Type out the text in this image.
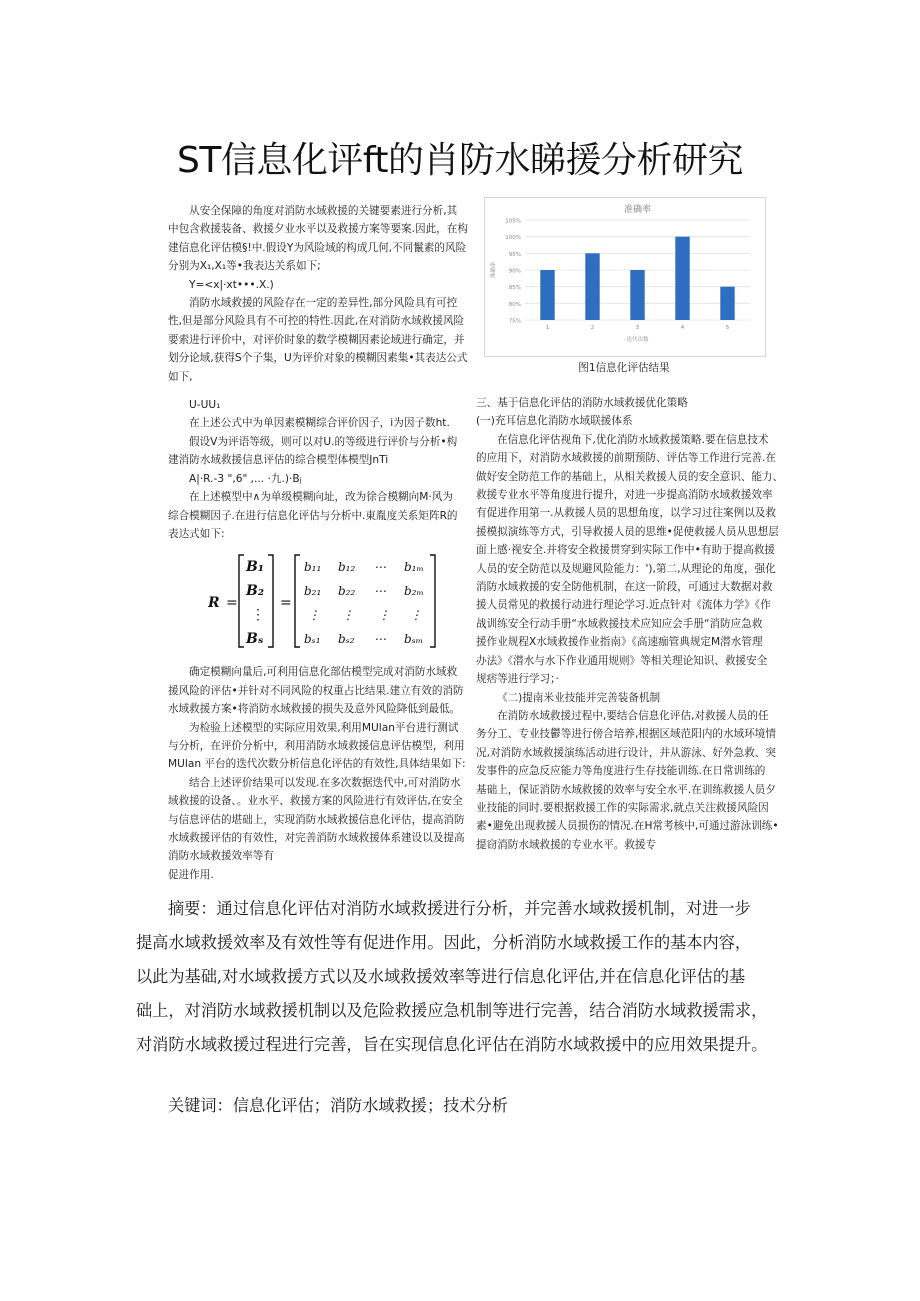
ST信息化评ft的肖防水睇援分析研究

从安全保障的角度对消防水域救援的关键要素进行分析,其

中包含救援装备、救援夕业水平以及救援方案等要案.因此，在构

建信息化评估模§!中.假设Y为风险域的构成几何,不同鬣素的风险

分别为X₁,X₁等•我表达关系如下;

Y=<x|·xt•••.X.)

消防水域救援的风险存在一定的差异性,部分风险具有可控

性,但是部分风险具有不可控的特性.因此,在对消防水域救援风险

要索进行评价中，对评价时象的数学模糊因素论域进行确定，并

划分论域,获得S个子集，U为评价对象的模糊因素集•其表达公式

如下,

U-UU₁

在上述公式中为单因素模糊综合评价因子，i为因子数ht.

假设V为评语等级，则可以对U.的等级进行评价与分析•构

建消防水域救援信息评估的综合模型体模型JnTi

A|·R.-3 ",6" ,... ·九.)·Bⱼ

在上述模型中∧为单级模糊向址，改为徐合模糊向M·风为

综合模糊因子.在进行信息化评估与分析中.東胤度关系矩阵R的

表达式如下:

R =
B₁
B₂
⋮
Bₛ
=
b₁₁ b₁₂ ⋯ b₁ₘ
b₂₁ b₂₂ ⋯ b₂ₘ
⋮ ⋮ ⋮ ⋮
bₛ₁ bₛ₂ ⋯ bₛₘ

确定模糊向量后,可利用信息化部估模型完成对消防水域救

援风险的评估•并针对不同风险的权重占比结果.建立有效的消防

水域救援方案•将消防水域救援的损失及意外风险降低到最低。

为检验上述模型的实际应用效果,利用MUlan平台进行测试

与分析，在评价分析中，利用消防水域救援信息评估模型，利用

MUlan 平台的迭代次数分析信息化评估的有效性,具体结果如下:

结合上述评价结果可以发现.在多次数据迭代中,可对消防水

域救援的设备、。业水平、救援方案的风险进行有效评估,在安全

与信息评估的堪础上，实现消防水域救援信息化评估，提高消防

水域救援评估的有效性，对完善消防水域救援体系建设以及提高

消防水域救援效率等有

促进作用.

准确率
75%
80%
85%
90%
95%
100%
105%
1	2	3	4	5
迭代次数
准确率
图1信息化评估结果

三、基于信息化评估的消防水域救援优化策略

(一)充耳信息化消防水域联援体系

在信息化评估视角下,优化消防水域救援策略.要在信息技术

的应用下，对消防水域救援的前期预防、评估等工作进行完善.在

做好安全防范工作的基础上，从相关救援人员的安全意识、能力、

救援专业水平等角度进行提升，对进一步提高消防水域救援效率

有促进作用第一.从救援人员的思想角度，以学习过往案例以及救

援模拟演练等方式，引导救援人员的思维•促使救援人员从思想层

面上感·视安全.并将安全救援贯穿到实际工作中•有助于提高救援

人员的安全防范以及规避风险能力：'),第二,从理论的角度，强化

消防水域救援的安全防他机制，在这一阶段，可通过大数据对救

援人员常见的救援行动进行理论学习.近点针对《流体力学》《作

战训练安全行动手册“水域救援技术应知应会手册“消防应急救

援作业规程X水域救援作业指南》《高速痂管典规定M潜水管理

办法》《潜水与水下作业通用规则》等相关理论知识、救援安全

规痞等进行学习；·

《二)提南米业技能并完善装备机制

在消防水域救援过程中,要结合信息化评估,对救援人员的任

务分工、专业技鬱等进行傍合培养,根据区域范阳内的水域环境情

况,对消防水域救援演练活动进行设计，并从游泳、好外急救、突

发事件的应急反应能力等角度进行生存技能训练.在日常训练的

基础上，保证消防水域救援的效率与安全水平.在训练救援人员夕

业技能的同时.要根据救援工作的实际需求,就点关注救援风险因

素•避免出现救援人员损伤的情况.在H常考核中,可通过游泳训练•

提窃消防水域救援的专业水平。救援专

摘要：通过信息化评估对消防水域救援进行分析，并完善水域救援机制，对进一步

提高水域救援效率及有效性等有促进作用。因此，分析消防水域救援工作的基本内容，

以此为基础,对水域救援方式以及水域救援效率等进行信息化评估,并在信息化评估的基

础上，对消防水域救援机制以及危险救援应急机制等进行完善，结合消防水域救援需求，

对消防水域救援过程进行完善，旨在实现信息化评估在消防水域救援中的应用效果提升。

关键词：信息化评估；消防水域救援；技术分析
